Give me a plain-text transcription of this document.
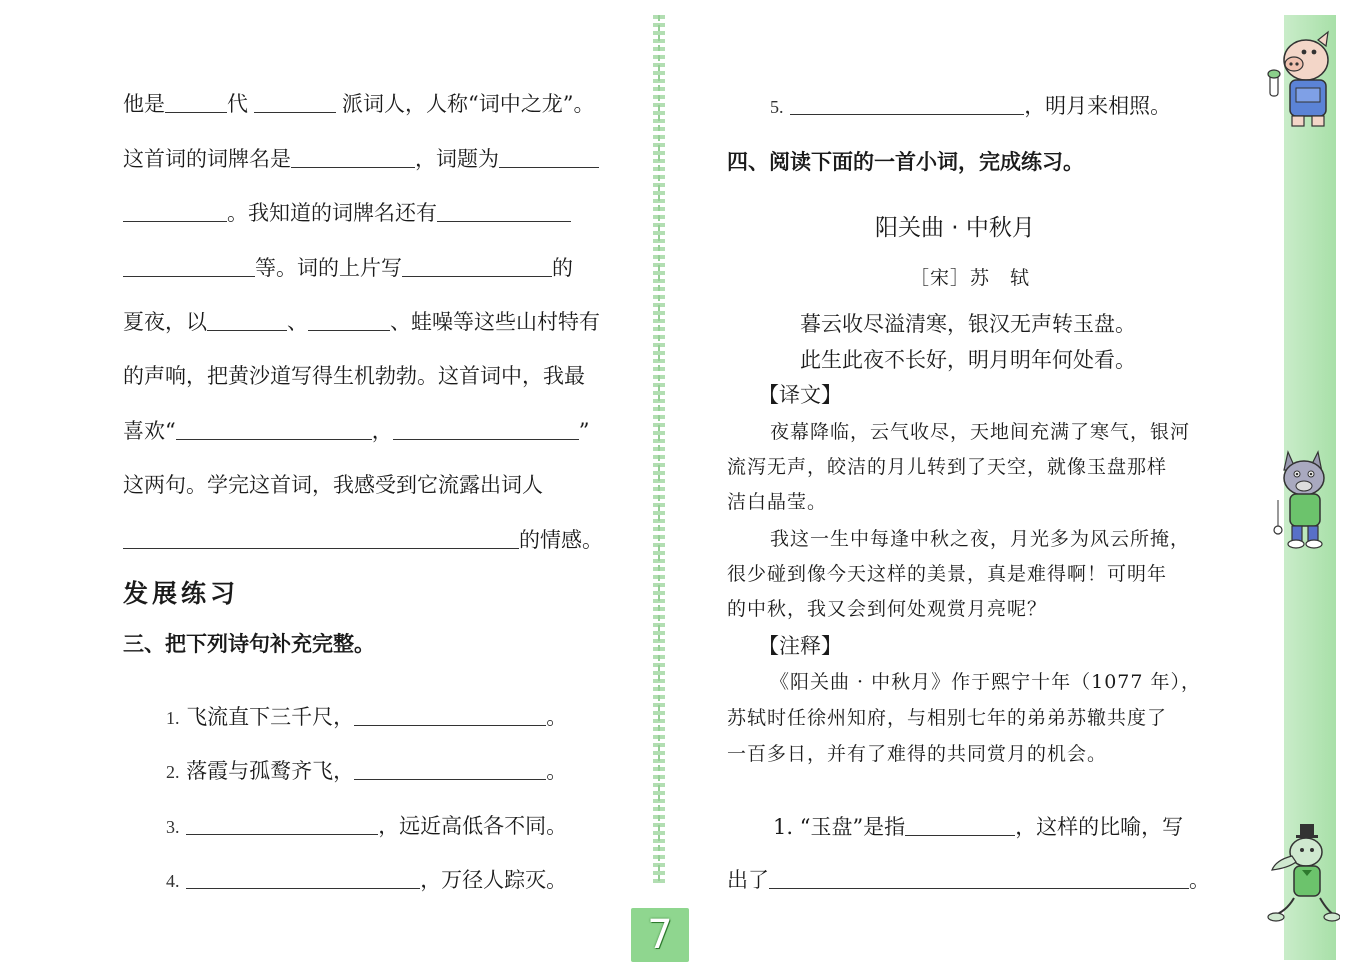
他是	代	派词人，人称“词中之龙”。
这首词的词牌名是	，词题为
。我知道的词牌名还有
等。词的上片写	的
夏夜，以	、	、蛙噪等这些山村特有
的声响，把黄沙道写得生机勃勃。这首词中，我最
喜欢“	，	”
这两句。学完这首词，我感受到它流露出词人
的情感。
发展练习
三、把下列诗句补充完整。
1. 飞流直下三千尺，	。
2. 落霞与孤鹜齐飞，	。
3.	，远近高低各不同。
4.	，万径人踪灭。
5.	，明月来相照。
四、阅读下面的一首小词，完成练习。
阳关曲 · 中秋月
［宋］苏　轼
暮云收尽溢清寒，银汉无声转玉盘。
此生此夜不长好，明月明年何处看。
【译文】
夜幕降临，云气收尽，天地间充满了寒气，银河
流泻无声，皎洁的月儿转到了天空，就像玉盘那样
洁白晶莹。
我这一生中每逢中秋之夜，月光多为风云所掩，
很少碰到像今天这样的美景，真是难得啊！可明年
的中秋，我又会到何处观赏月亮呢？
【注释】
《阳关曲 · 中秋月》作于熙宁十年（1077 年），
苏轼时任徐州知府，与相别七年的弟弟苏辙共度了
一百多日，并有了难得的共同赏月的机会。
1. “玉盘”是指	，这样的比喻，写
出了	。
7
